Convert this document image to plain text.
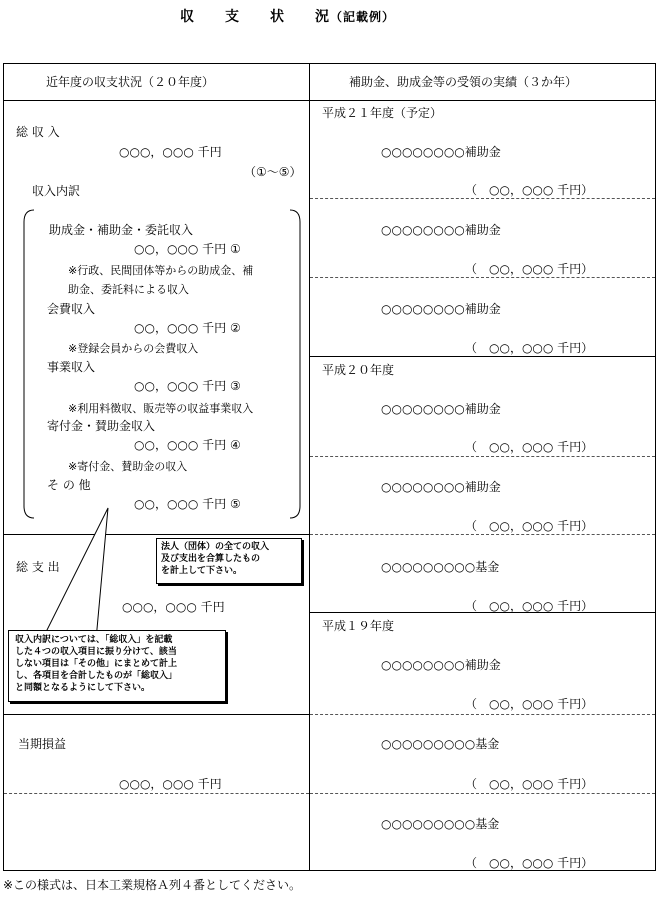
収　　支　　状　　況（記載例）
近年度の収支状況（２０年度）	補助金、助成金等の受領の実績（３か年）
総 収 入
○○○，○○○ 千円
（①～⑤）
収入内訳
助成金・補助金・委託収入
○○，○○○ 千円 ①
※行政、民間団体等からの助成金、補
助金、委託料による収入
会費収入
○○，○○○ 千円 ②
※登録会員からの会費収入
事業収入
○○，○○○ 千円 ③
※利用料徴収、販売等の収益事業収入
寄付金・賛助金収入
○○，○○○ 千円 ④
※寄付金、賛助金の収入
そ の 他
○○，○○○ 千円 ⑤
総 支 出
○○○，○○○ 千円
当期損益
○○○，○○○ 千円
法人（団体）の全ての収入
及び支出を合算したもの
を計上して下さい。
収入内訳については、「総収入」を記載
した４つの収入項目に振り分けて、該当
しない項目は「その他」にまとめて計上
し、各項目を合計したものが「総収入」
と同額となるようにして下さい。
平成２１年度（予定）
○○○○○○○○補助金
（　○○，○○○ 千円）
○○○○○○○○補助金
（　○○，○○○ 千円）
○○○○○○○○補助金
（　○○，○○○ 千円）
平成２０年度
○○○○○○○○補助金
（　○○，○○○ 千円）
○○○○○○○○補助金
（　○○，○○○ 千円）
○○○○○○○○○基金
（　○○，○○○ 千円）
平成１９年度
○○○○○○○○補助金
（　○○，○○○ 千円）
○○○○○○○○○基金
（　○○，○○○ 千円）
○○○○○○○○○基金
（　○○，○○○ 千円）
※この様式は、日本工業規格Ａ列４番としてください。
